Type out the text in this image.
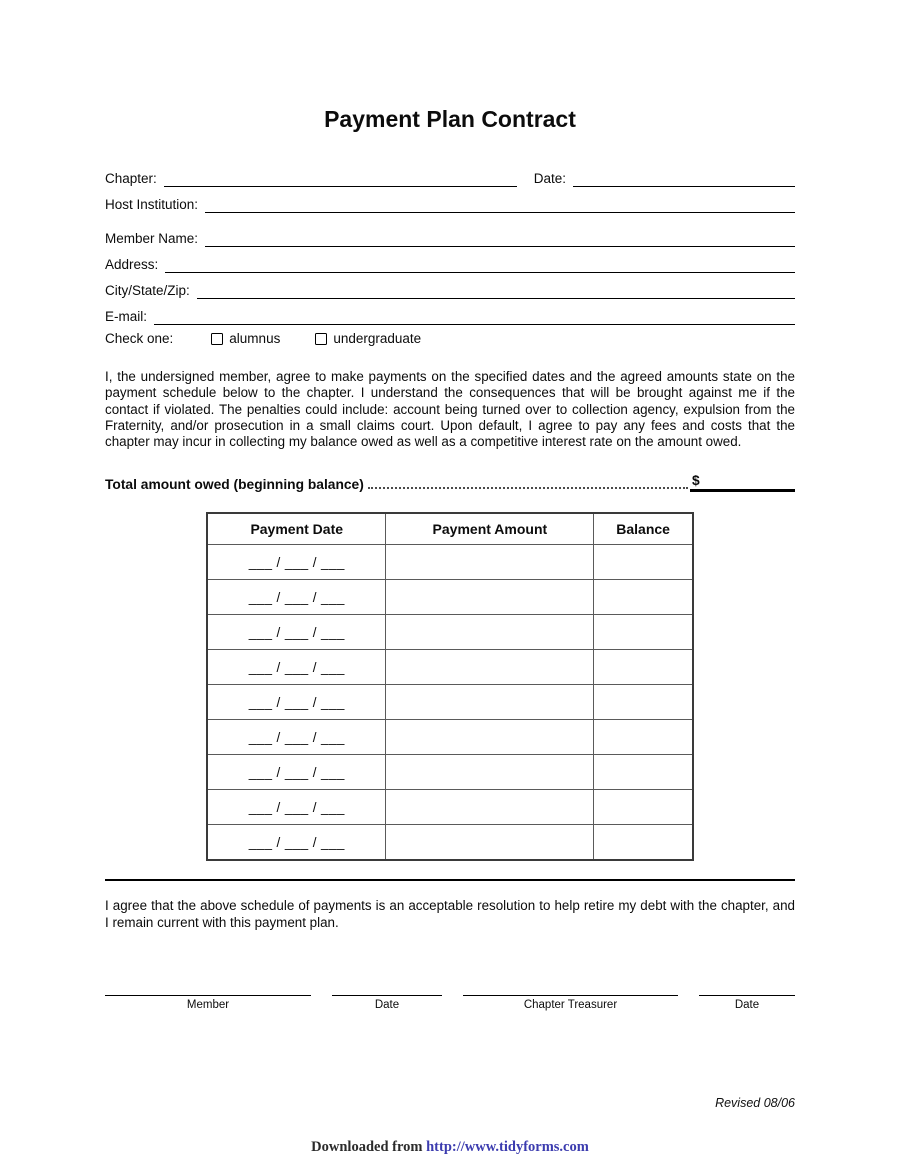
Payment Plan Contract
Chapter:	Date:
Host Institution:
Member Name:
Address:
City/State/Zip:
E-mail:
Check one:	alumnus	undergraduate

I, the undersigned member, agree to make payments on the specified dates and the agreed amounts state on the payment schedule below to the chapter. I understand the consequences that will be brought against me if the contact if violated. The penalties could include: account being turned over to collection agency, expulsion from the Fraternity, and/or prosecution in a small claims court. Upon default, I agree to pay any fees and costs that the chapter may incur in collecting my balance owed as well as a competitive interest rate on the amount owed.

Total amount owed (beginning balance)	$
Payment Date	Payment Amount	Balance
___ / ___ / ___		
___ / ___ / ___		
___ / ___ / ___		
___ / ___ / ___		
___ / ___ / ___		
___ / ___ / ___		
___ / ___ / ___		
___ / ___ / ___		
___ / ___ / ___		

I agree that the above schedule of payments is an acceptable resolution to help retire my debt with the chapter, and I remain current with this payment plan.

Member	Date	Chapter Treasurer	Date
Revised 08/06
Downloaded from http://www.tidyforms.com
